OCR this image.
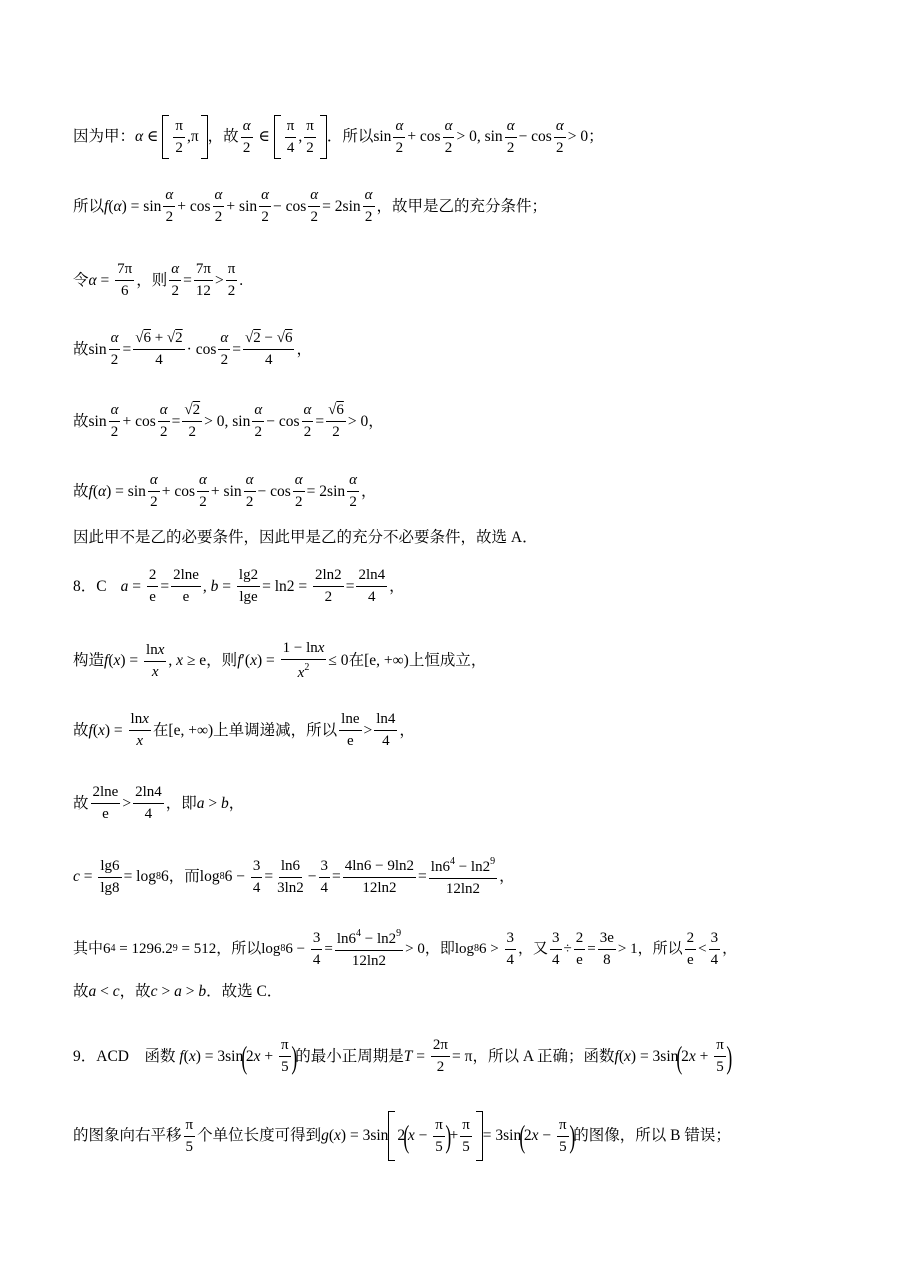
因为甲： α ∈ $\frac{\pi}{2} ,\pi$ ，故 $\frac{\alpha}{2}$ ∈ $\frac{\pi}{4}$ , $\frac{\pi}{2}$ ．所以 $\sin \frac{\alpha}{2} + \cos \frac{\alpha}{2} > 0$, $\sin \frac{\alpha}{2} - \cos \frac{\alpha}{2} > 0$ ；
所以 f ( α ) = $\sin \frac{\alpha}{2} + \cos \frac{\alpha}{2} + \sin \frac{\alpha}{2} - \cos \frac{\alpha}{2} = 2\sin \frac{\alpha}{2}$ ，故甲是乙的充分条件；
令 $\alpha = \frac{7\pi}{6}$ ，则 $\frac{\alpha}{2} = \frac{7\pi}{12} > \frac{\pi}{2}$ .
故 $\sin \frac{\alpha}{2} = \frac{√6 + √2}{4} \cdot \cos \frac{\alpha}{2} = \frac{√2 - √6}{4}$ ，
故 $\sin \frac{\alpha}{2} + \cos \frac{\alpha}{2} = \frac{√2}{2} > 0$, $\sin \frac{\alpha}{2} - \cos \frac{\alpha}{2} = \frac{√6}{2} > 0$ ，
故 f ( α ) = $\sin \frac{\alpha}{2} + \cos \frac{\alpha}{2} + \sin \frac{\alpha}{2} - \cos \frac{\alpha}{2} = 2\sin \frac{\alpha}{2}$ ，
因此甲不是乙的必要条件，因此甲是乙的充分不必要条件，故选 A．
8．C $a = \frac{2}{e} = \frac{2\ln e}{e}$ , $b = \frac{\lg 2}{\lg e} = \ln 2 = \frac{2\ln 2}{2} = \frac{2\ln 4}{4}$ ，
构造 f ( x ) = $\frac{\ln x}{x}$ , x ≥ e ，则 f ′( x ) = $\frac{1 - \ln x}{x^2} \le 0$ 在 [e, +∞) 上恒成立，
故 f ( x ) = $\frac{\ln x}{x}$ 在 [e, +∞) 上单调递减，所以 $\frac{\ln e}{e} > \frac{\ln 4}{4}$ ，
故 $\frac{2\ln e}{e} > \frac{2\ln 4}{4}$ ，即 a > b ，
$c = \frac{\lg 6}{\lg 8} = \log 8$ 6 ，而 log 8 $6 - \frac{3}{4} = \frac{\ln 6}{3\ln 2} - \frac{3}{4} = \frac{4\ln 6 - 9\ln 2}{12\ln 2} = \frac{\ln 6^4 - \ln 2^9}{12\ln 2}$ ，
其中 6 4 = 1296.2 9 = 512 ，所以 log 8 $6 - \frac{3}{4} = \frac{\ln 6^4 - \ln 2^9}{12\ln 2} > 0$ ，即 log 8 $6 > \frac{3}{4}$ ，又 $\frac{3}{4} \div \frac{2}{e} = \frac{3e}{8} > 1$ ，所以 $\frac{2}{e} < \frac{3}{4}$ ，
故 a < c ，故 c > a > b ．故选 C．
9．ACD　函数
f ( x ) = 3sin
(
2 $x + \frac{\pi}{5}$ )
的最小正周期是 $T = \frac{2\pi}{2} = \pi$ ，所以 A 正确；函数 f ( x ) = 3sin
(
2 $x + \frac{\pi}{5}$ )
的图象向右平移 $\frac{\pi}{5}$ 个单位长度可得到 g ( x ) = 3sin 2
(
$x - \frac{\pi}{5}$ )
+ $\frac{\pi}{5} = 3\sin$
(
2 $x - \frac{\pi}{5}$ )
的图像，所以 B 错误；
